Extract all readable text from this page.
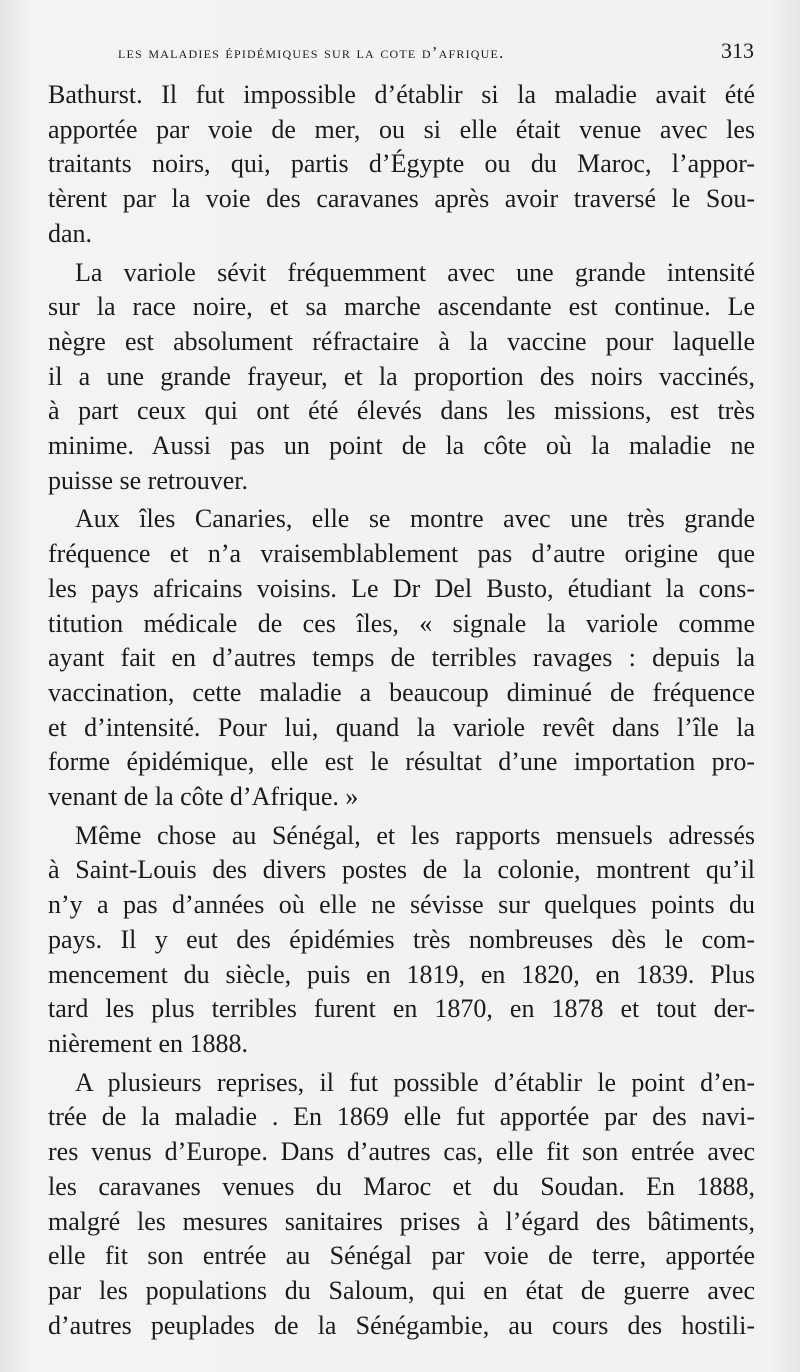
les maladies épidémiques sur la cote d’afrique.	313
Bathurst. Il fut impossible d’établir si la maladie avait été
apportée par voie de mer, ou si elle était venue avec les
traitants noirs, qui, partis d’Égypte ou du Maroc, l’appor-
tèrent par la voie des caravanes après avoir traversé le Sou-
dan.
La variole sévit fréquemment avec une grande intensité
sur la race noire, et sa marche ascendante est continue. Le
nègre est absolument réfractaire à la vaccine pour laquelle
il a une grande frayeur, et la proportion des noirs vaccinés,
à part ceux qui ont été élevés dans les missions, est très
minime. Aussi pas un point de la côte où la maladie ne
puisse se retrouver.
Aux îles Canaries, elle se montre avec une très grande
fréquence et n’a vraisemblablement pas d’autre origine que
les pays africains voisins. Le Dr Del Busto, étudiant la cons-
titution médicale de ces îles, « signale la variole comme
ayant fait en d’autres temps de terribles ravages : depuis la
vaccination, cette maladie a beaucoup diminué de fréquence
et d’intensité. Pour lui, quand la variole revêt dans l’île la
forme épidémique, elle est le résultat d’une importation pro-
venant de la côte d’Afrique. »
Même chose au Sénégal, et les rapports mensuels adressés
à Saint-Louis des divers postes de la colonie, montrent qu’il
n’y a pas d’années où elle ne sévisse sur quelques points du
pays. Il y eut des épidémies très nombreuses dès le com-
mencement du siècle, puis en 1819, en 1820, en 1839. Plus
tard les plus terribles furent en 1870, en 1878 et tout der-
nièrement en 1888.
A plusieurs reprises, il fut possible d’établir le point d’en-
trée de la maladie . En 1869 elle fut apportée par des navi-
res venus d’Europe. Dans d’autres cas, elle fit son entrée avec
les caravanes venues du Maroc et du Soudan. En 1888,
malgré les mesures sanitaires prises à l’égard des bâtiments,
elle fit son entrée au Sénégal par voie de terre, apportée
par les populations du Saloum, qui en état de guerre avec
d’autres peuplades de la Sénégambie, au cours des hostili-
